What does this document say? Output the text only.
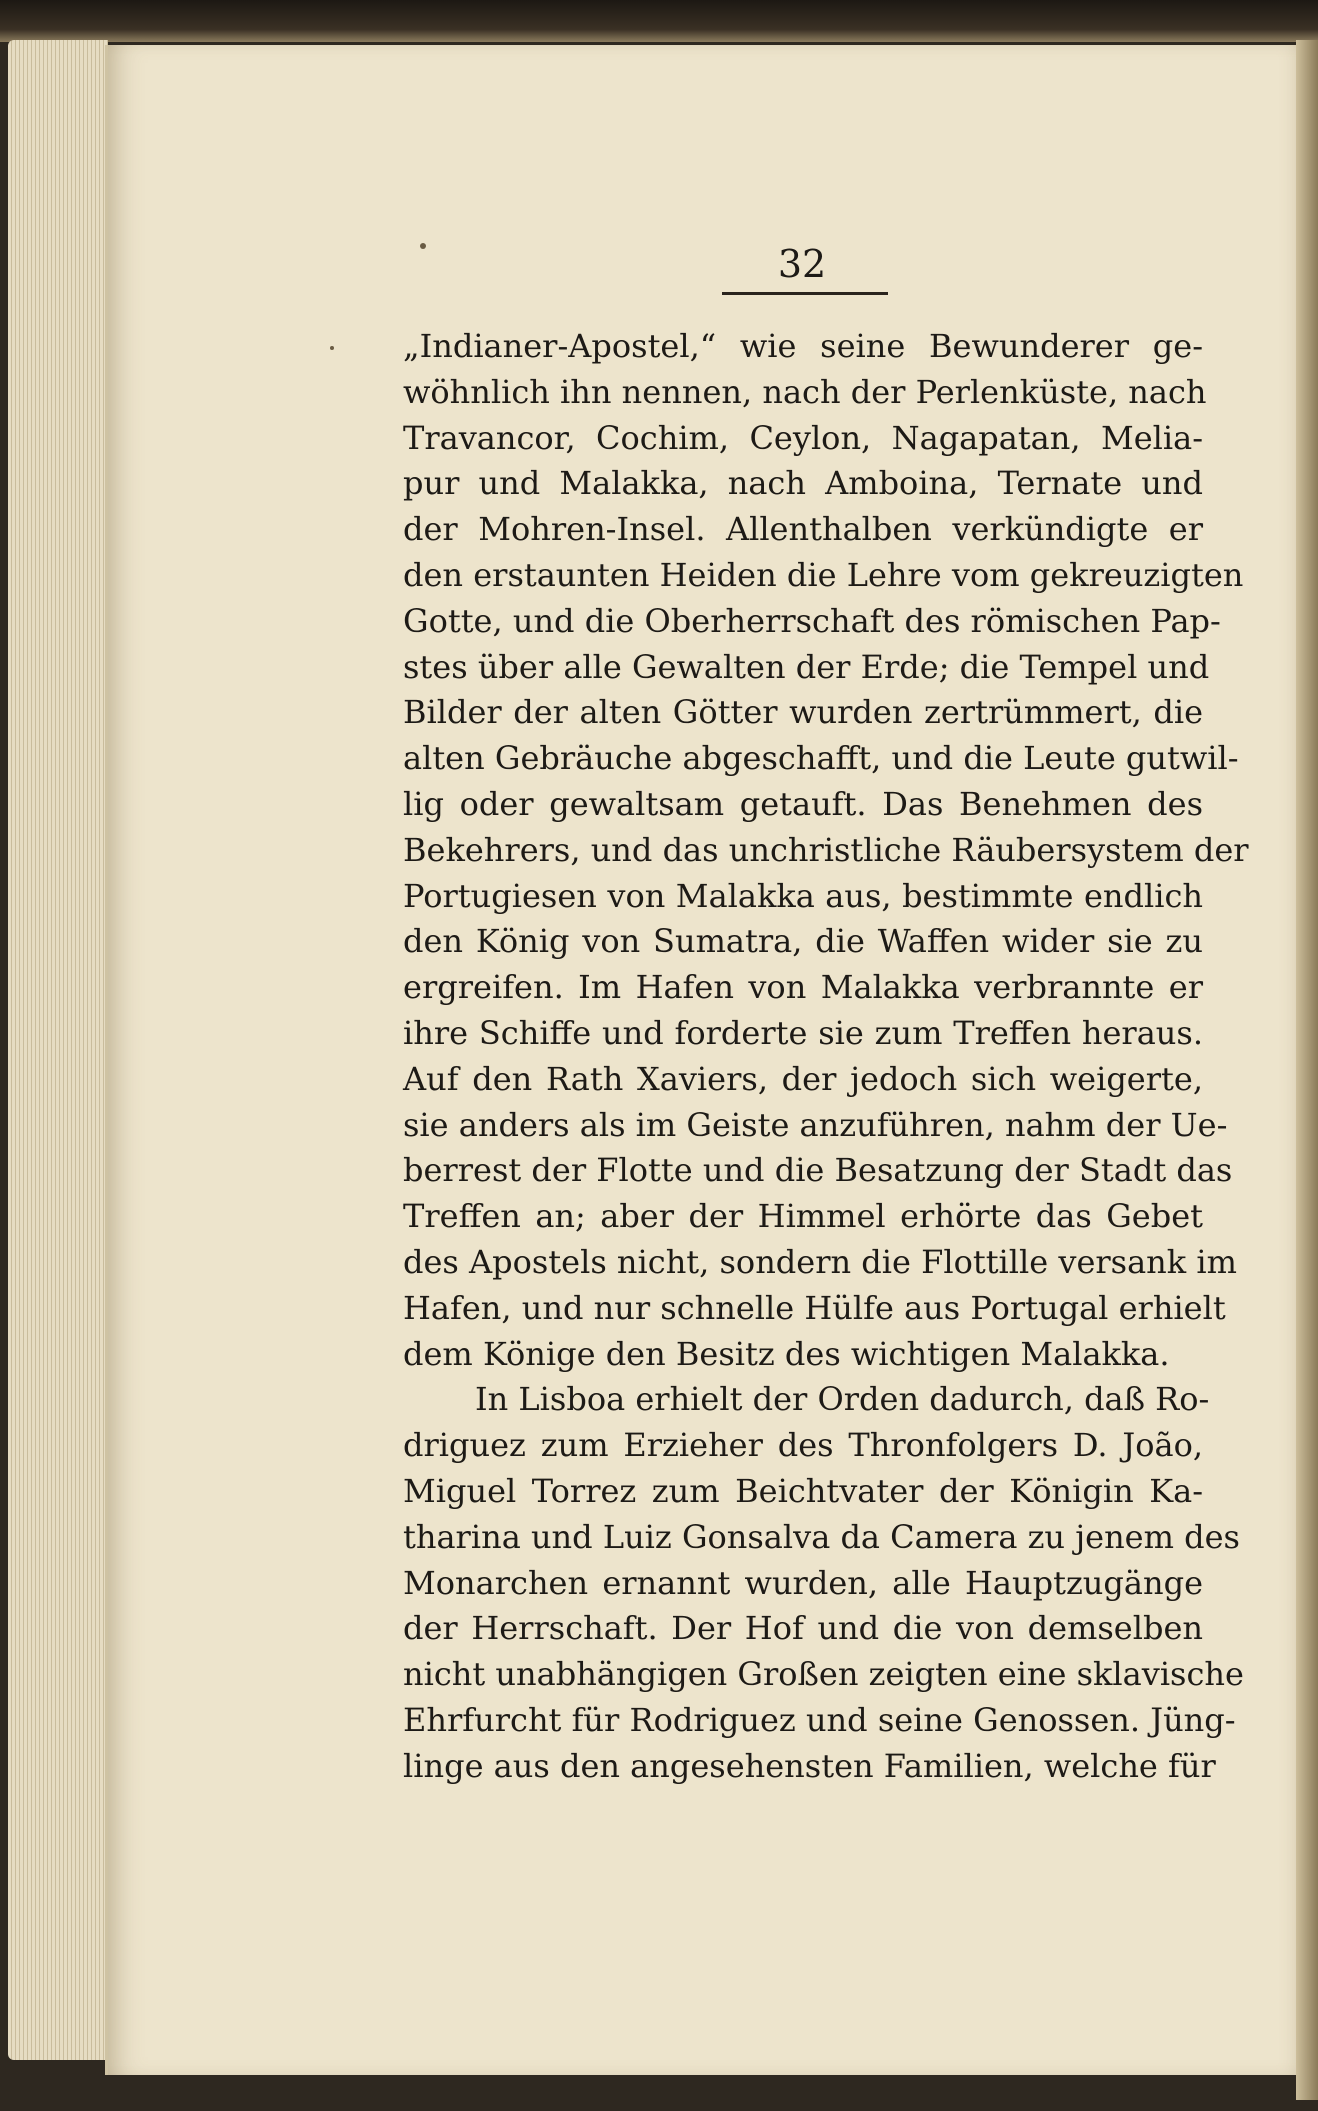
32
„Indianer-Apostel,“ wie seine Bewunderer ge-
wöhnlich ihn nennen, nach der Perlenküste, nach
Travancor, Cochim, Ceylon, Nagapatan, Melia-
pur und Malakka, nach Amboina, Ternate und
der Mohren-Insel. Allenthalben verkündigte er
den erstaunten Heiden die Lehre vom gekreuzigten
Gotte, und die Oberherrschaft des römischen Pap-
stes über alle Gewalten der Erde; die Tempel und
Bilder der alten Götter wurden zertrümmert, die
alten Gebräuche abgeschafft, und die Leute gutwil-
lig oder gewaltsam getauft. Das Benehmen des
Bekehrers, und das unchristliche Räubersystem der
Portugiesen von Malakka aus, bestimmte endlich
den König von Sumatra, die Waffen wider sie zu
ergreifen. Im Hafen von Malakka verbrannte er
ihre Schiffe und forderte sie zum Treffen heraus.
Auf den Rath Xaviers, der jedoch sich weigerte,
sie anders als im Geiste anzuführen, nahm der Ue-
berrest der Flotte und die Besatzung der Stadt das
Treffen an; aber der Himmel erhörte das Gebet
des Apostels nicht, sondern die Flottille versank im
Hafen, und nur schnelle Hülfe aus Portugal erhielt
dem Könige den Besitz des wichtigen Malakka.
In Lisboa erhielt der Orden dadurch, daß Ro-
driguez zum Erzieher des Thronfolgers D. João,
Miguel Torrez zum Beichtvater der Königin Ka-
tharina und Luiz Gonsalva da Camera zu jenem des
Monarchen ernannt wurden, alle Hauptzugänge
der Herrschaft. Der Hof und die von demselben
nicht unabhängigen Großen zeigten eine sklavische
Ehrfurcht für Rodriguez und seine Genossen. Jüng-
linge aus den angesehensten Familien, welche für
